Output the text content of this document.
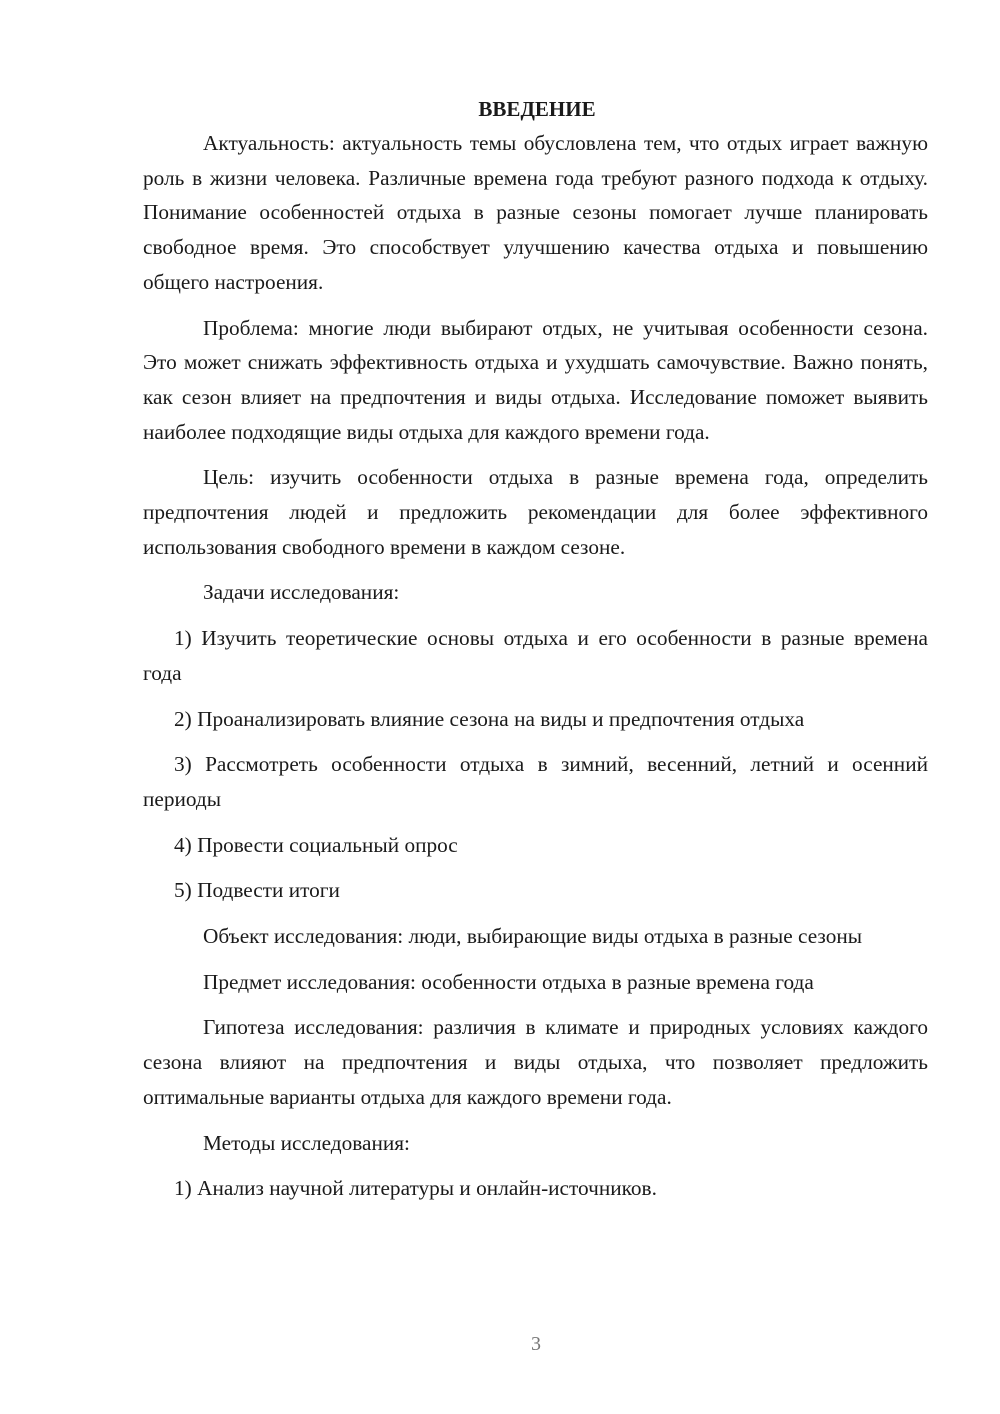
ВВЕДЕНИЕ

Актуальность: актуальность темы обусловлена тем, что отдых играет важную роль в жизни человека. Различные времена года требуют разного подхода к отдыху. Понимание особенностей отдыха в разные сезоны помогает лучше планировать свободное время. Это способствует улучшению качества отдыха и повышению общего настроения.

Проблема: многие люди выбирают отдых, не учитывая особенности сезона. Это может снижать эффективность отдыха и ухудшать самочувствие. Важно понять, как сезон влияет на предпочтения и виды отдыха. Исследование поможет выявить наиболее подходящие виды отдыха для каждого времени года.

Цель: изучить особенности отдыха в разные времена года, определить предпочтения людей и предложить рекомендации для более эффективного использования свободного времени в каждом сезоне.

Задачи исследования:

1) Изучить теоретические основы отдыха и его особенности в разные времена года

2) Проанализировать влияние сезона на виды и предпочтения отдыха

3) Рассмотреть особенности отдыха в зимний, весенний, летний и осенний периоды

4) Провести социальный опрос

5) Подвести итоги

Объект исследования: люди, выбирающие виды отдыха в разные сезоны

Предмет исследования: особенности отдыха в разные времена года

Гипотеза исследования: различия в климате и природных условиях каждого сезона влияют на предпочтения и виды отдыха, что позволяет предложить оптимальные варианты отдыха для каждого времени года.

Методы исследования:

1) Анализ научной литературы и онлайн-источников.

3
